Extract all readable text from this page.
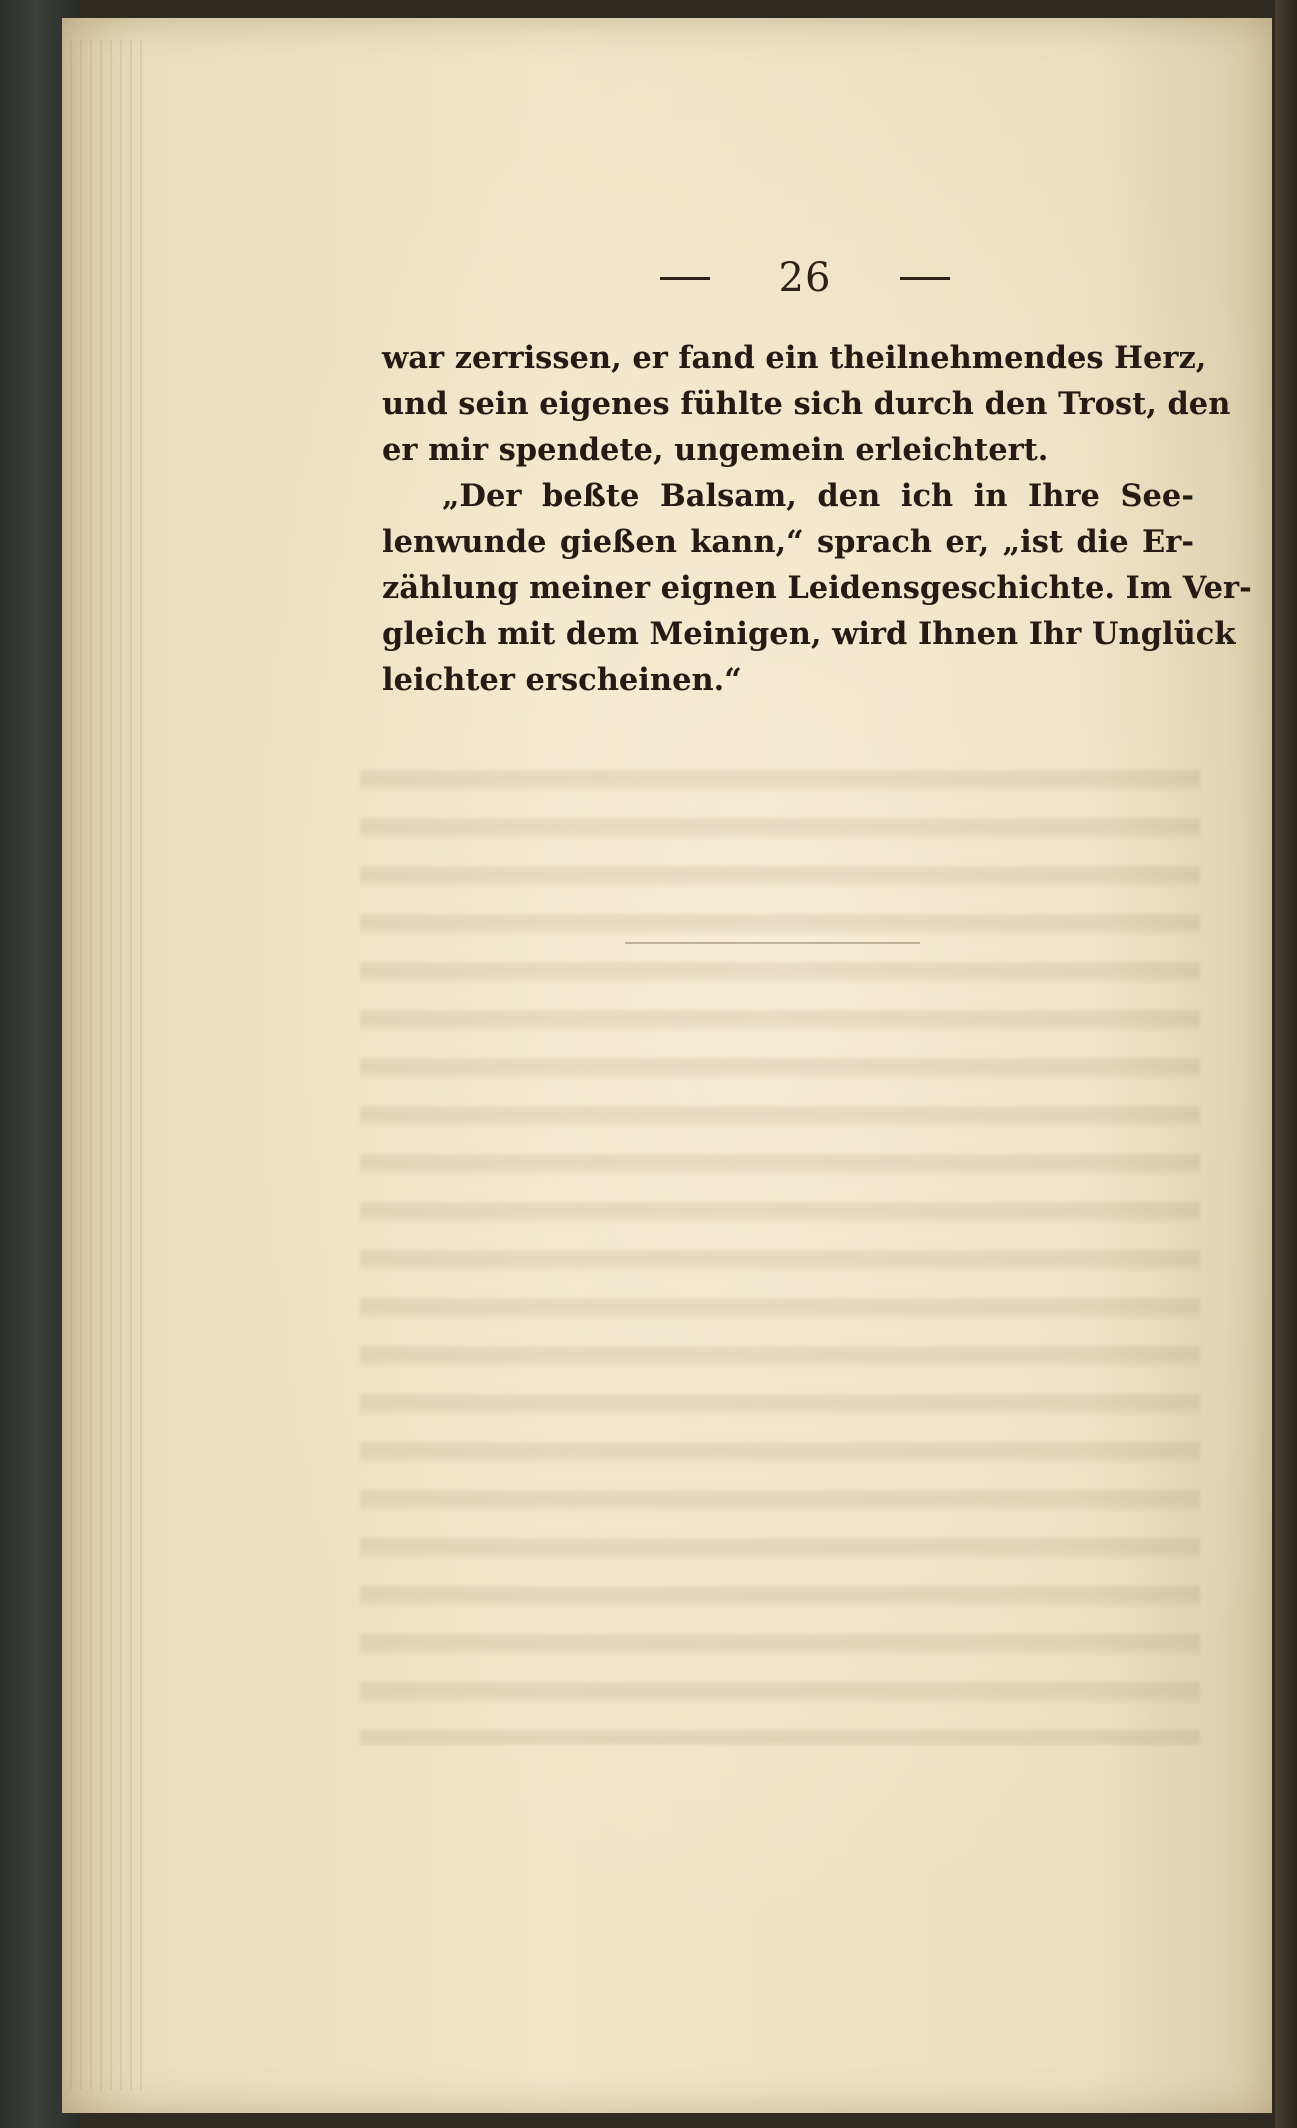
26
war zerrissen, er fand ein theilnehmendes Herz,
und sein eigenes fühlte sich durch den Trost, den
er mir spendete, ungemein erleichtert.
„Der beßte Balsam, den ich in Ihre See-
lenwunde gießen kann,“ sprach er, „ist die Er-
zählung meiner eignen Leidensgeschichte. Im Ver-
gleich mit dem Meinigen, wird Ihnen Ihr Unglück
leichter erscheinen.“
